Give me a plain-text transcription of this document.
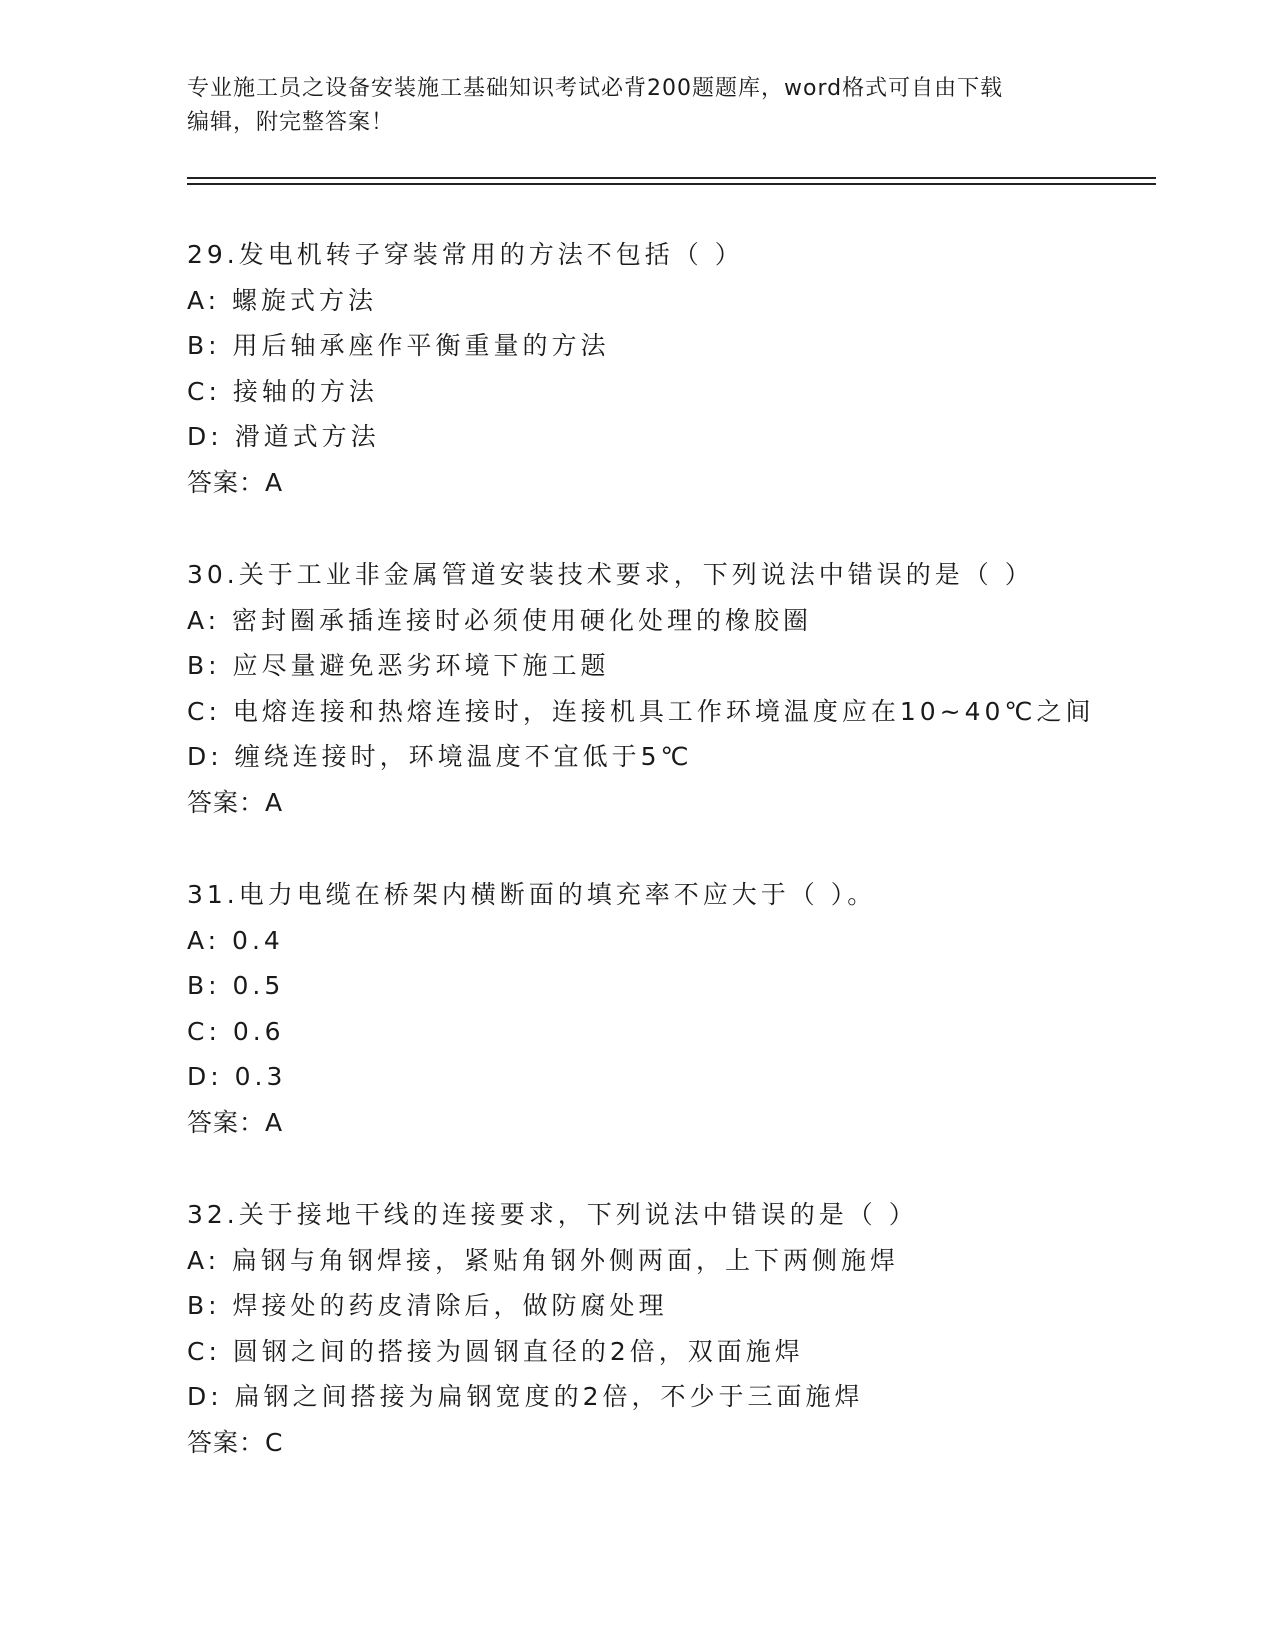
专业施工员之设备安装施工基础知识考试必背200题题库，word格式可自由下载
编辑，附完整答案！
29.发电机转子穿装常用的方法不包括（ ）
A: 螺旋式方法
B: 用后轴承座作平衡重量的方法
C: 接轴的方法
D: 滑道式方法
答案：A
30.关于工业非金属管道安装技术要求，下列说法中错误的是（ ）
A: 密封圈承插连接时必须使用硬化处理的橡胶圈
B: 应尽量避免恶劣环境下施工题
C: 电熔连接和热熔连接时，连接机具工作环境温度应在10~40℃之间
D: 缠绕连接时，环境温度不宜低于5℃
答案：A
31.电力电缆在桥架内横断面的填充率不应大于（ ）。
A: 0.4
B: 0.5
C: 0.6
D: 0.3
答案：A
32.关于接地干线的连接要求，下列说法中错误的是（ ）
A: 扁钢与角钢焊接，紧贴角钢外侧两面，上下两侧施焊
B: 焊接处的药皮清除后，做防腐处理
C: 圆钢之间的搭接为圆钢直径的2倍，双面施焊
D: 扁钢之间搭接为扁钢宽度的2倍，不少于三面施焊
答案：C
